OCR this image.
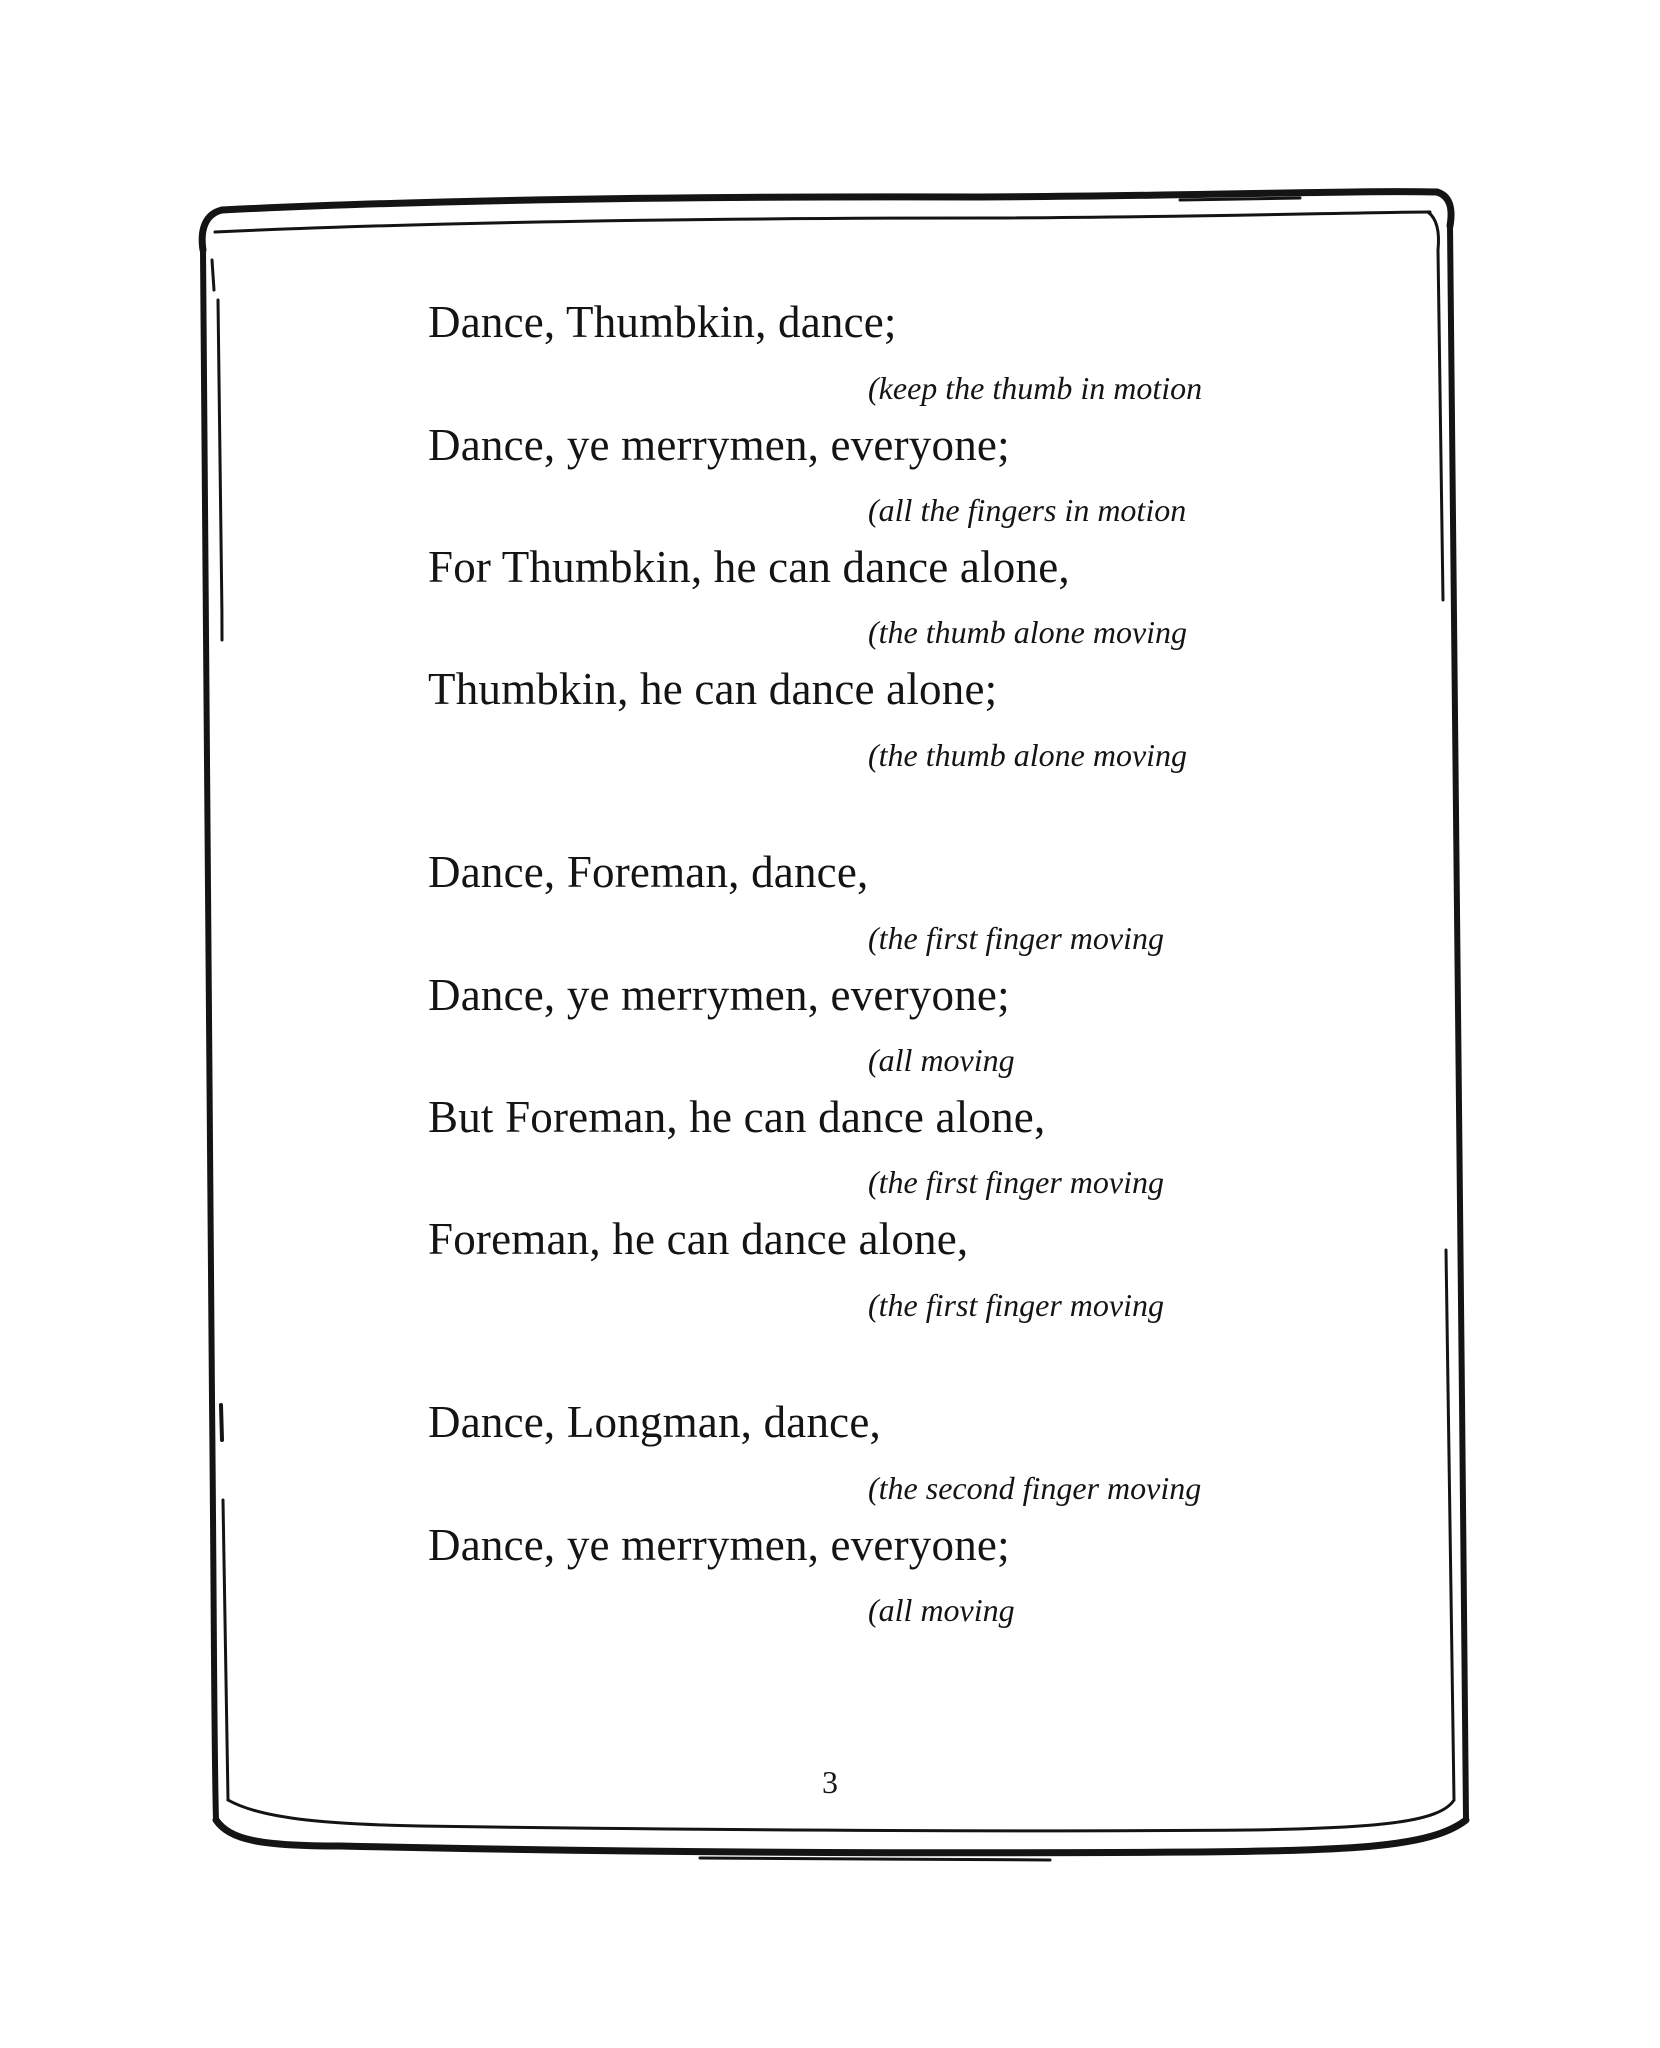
Dance, Thumbkin, dance;
(keep the thumb in motion
Dance, ye merrymen, everyone;
(all the fingers in motion
For Thumbkin, he can dance alone,
(the thumb alone moving
Thumbkin, he can dance alone;
(the thumb alone moving
Dance, Foreman, dance,
(the first finger moving
Dance, ye merrymen, everyone;
(all moving
But Foreman, he can dance alone,
(the first finger moving
Foreman, he can dance alone,
(the first finger moving
Dance, Longman, dance,
(the second finger moving
Dance, ye merrymen, everyone;
(all moving
3
